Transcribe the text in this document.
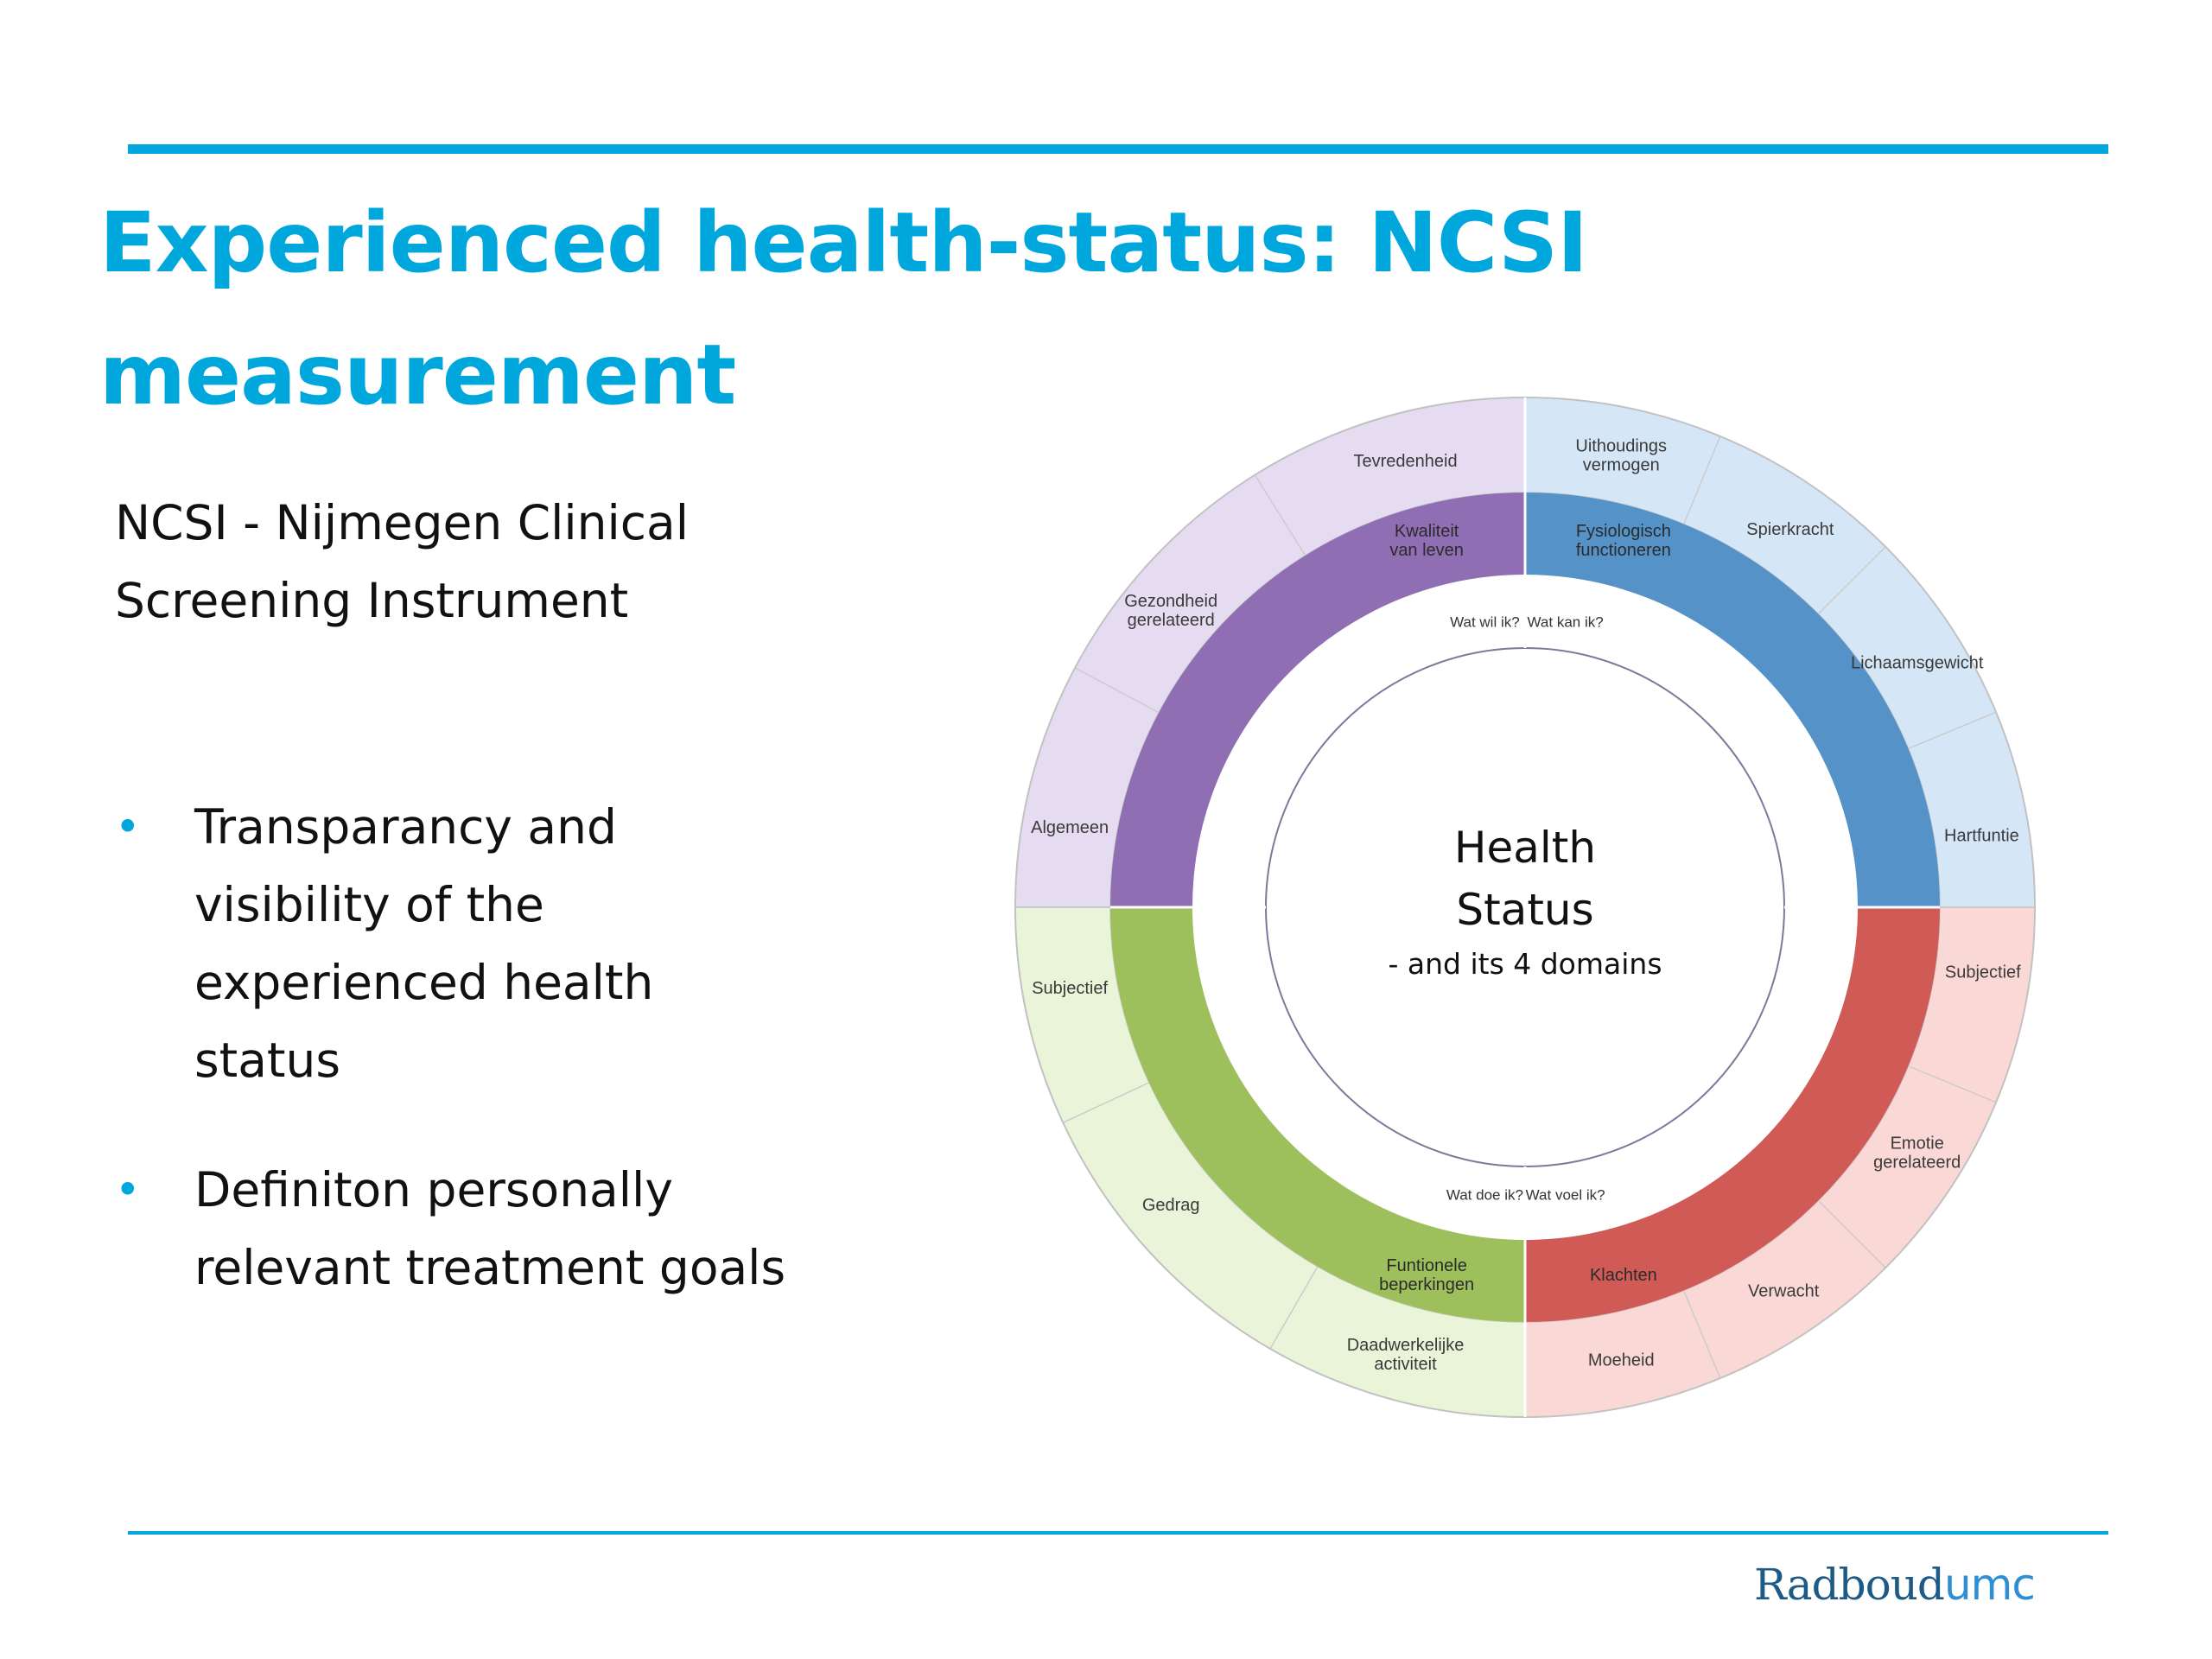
Experienced health-status: NCSI measurement

NCSI - Nijmegen Clinical Screening Instrument

• Transparancy and visibility of the experienced health status
• Definiton personally relevant treatment goals
Tevredenheid
Gezondheid gerelateerd
Algemeen
Kwaliteit van leven
Wat wil ik?
Uithoudings vermogen
Spierkracht
Lichaamsgewicht
Hartfuntie
Fysiologisch functioneren
Wat kan ik?
Subjectief
Emotie gerelateerd
Verwacht
Moeheid
Klachten
Wat voel ik?
Daadwerkelijke activiteit
Gedrag
Subjectief
Funtionele beperkingen
Wat doe ik?
Health
Status
- and its 4 domains
Radboudumc
